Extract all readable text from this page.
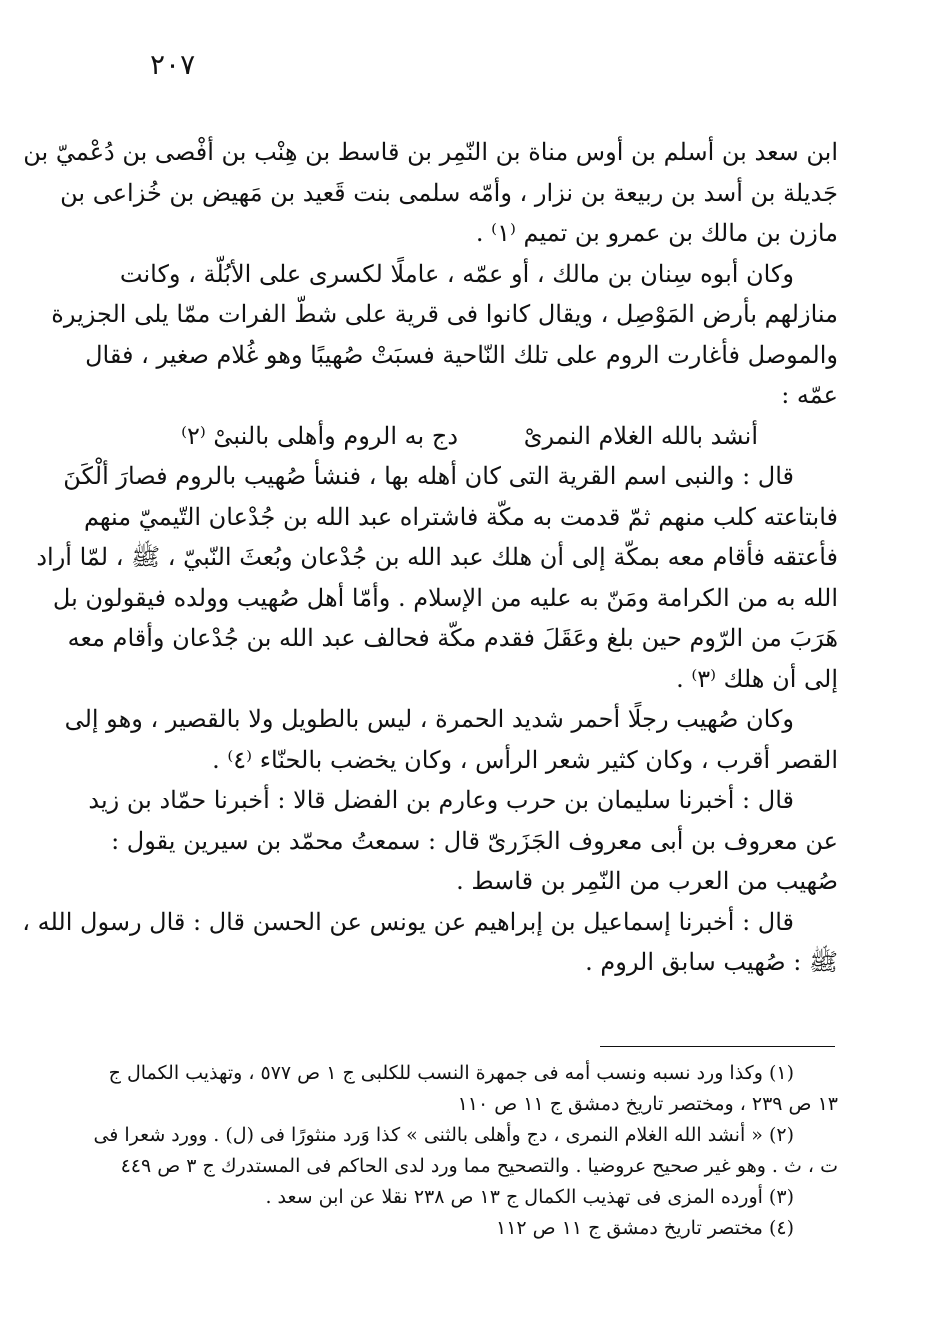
٢٠٧
ابن سعد بن أسلم بن أوس مناة بن النّمِر بن قاسط بن هِنْب بن أفْصى بن دُعْميّ بن
جَديلة بن أسد بن ربيعة بن نزار ، وأمّه سلمى بنت قَعيد بن مَهيض بن خُزاعى بن
مازن بن مالك بن عمرو بن تميم ⁽١⁾ .
وكان أبوه سِنان بن مالك ، أو عمّه ، عاملًا لكسرى على الأبُلّة ، وكانت
منازلهم بأرض المَوْصِل ، ويقال كانوا فى قرية على شطّ الفرات ممّا يلى الجزيرة
والموصل فأغارت الروم على تلك النّاحية فسبَتْ صُهيبًا وهو غُلام صغير ، فقال
عمّه :
أنشد بالله الغلام النمرىْدج به الروم وأهلى بالنبىْ ⁽٢⁾
قال : والنبى اسم القرية التى كان أهله بها ، فنشأ صُهيب بالروم فصارَ ألْكَنَ
فابتاعته كلب منهم ثمّ قدمت به مكّة فاشتراه عبد الله بن جُدْعان التّيميّ منهم
فأعتقه فأقام معه بمكّة إلى أن هلك عبد الله بن جُدْعان وبُعثَ النّبيّ ، ﷺ ، لمّا أراد
الله به من الكرامة ومَنّ به عليه من الإسلام . وأمّا أهل صُهيب وولده فيقولون بل
هَرَبَ من الرّوم حين بلغ وعَقَلَ فقدم مكّة فحالف عبد الله بن جُدْعان وأقام معه
إلى أن هلك ⁽٣⁾ .
وكان صُهيب رجلًا أحمر شديد الحمرة ، ليس بالطويل ولا بالقصير ، وهو إلى
القصر أقرب ، وكان كثير شعر الرأس ، وكان يخضب بالحنّاء ⁽٤⁾ .
قال : أخبرنا سليمان بن حرب وعارم بن الفضل قالا : أخبرنا حمّاد بن زيد
عن معروف بن أبى معروف الجَزَرىّ قال : سمعتُ محمّد بن سيرين يقول :
صُهيب من العرب من النّمِر بن قاسط .
قال : أخبرنا إسماعيل بن إبراهيم عن يونس عن الحسن قال : قال رسول الله ،
ﷺ : صُهيب سابق الروم .
(١) وكذا ورد نسبه ونسب أمه فى جمهرة النسب للكلبى ج ١ ص ٥٧٧ ، وتهذيب الكمال ج
١٣ ص ٢٣٩ ، ومختصر تاريخ دمشق ج ١١ ص ١١٠
(٢) « أنشد الله الغلام النمرى ، دج وأهلى بالثنى » كذا وَرد منثورًا فى (ل) . وورد شعرا فى
ت ، ث . وهو غير صحيح عروضيا . والتصحيح مما ورد لدى الحاكم فى المستدرك ج ٣ ص ٤٤٩
(٣) أورده المزى فى تهذيب الكمال ج ١٣ ص ٢٣٨ نقلا عن ابن سعد .
(٤) مختصر تاريخ دمشق ج ١١ ص ١١٢
